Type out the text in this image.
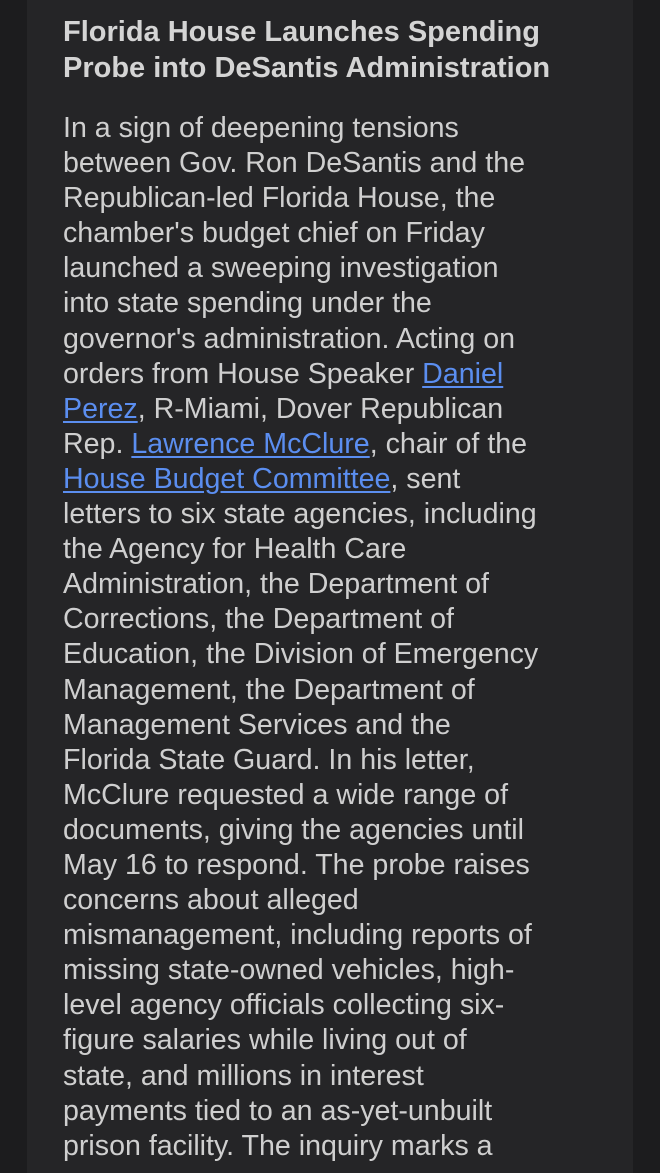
Florida House Launches Spending
Probe into DeSantis Administration
In a sign of deepening tensions
between Gov. Ron DeSantis and the
Republican-led Florida House, the
chamber's budget chief on Friday
launched a sweeping investigation
into state spending under the
governor's administration. Acting on
orders from House Speaker Daniel
Perez, R-Miami, Dover Republican
Rep. Lawrence McClure, chair of the
House Budget Committee, sent
letters to six state agencies, including
the Agency for Health Care
Administration, the Department of
Corrections, the Department of
Education, the Division of Emergency
Management, the Department of
Management Services and the
Florida State Guard. In his letter,
McClure requested a wide range of
documents, giving the agencies until
May 16 to respond. The probe raises
concerns about alleged
mismanagement, including reports of
missing state-owned vehicles, high-
level agency officials collecting six-
figure salaries while living out of
state, and millions in interest
payments tied to an as-yet-unbuilt
prison facility. The inquiry marks a
